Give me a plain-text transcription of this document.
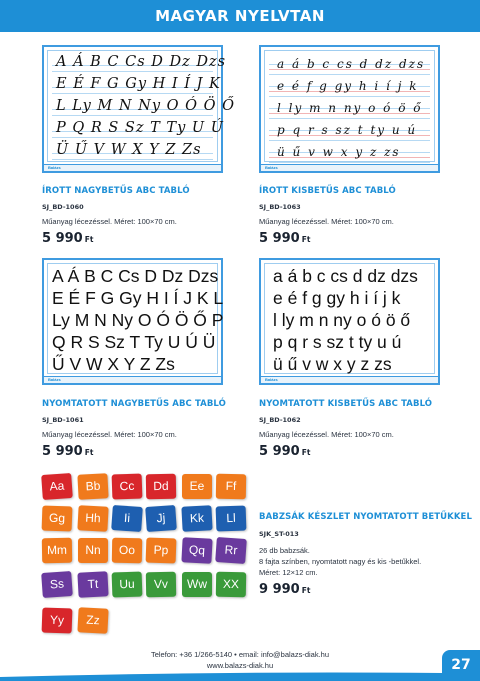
MAGYAR NYELVTAN
A Á B C Cs D Dz Dzs
E É F G Gy H I Í J K
L Ly M N Ny O Ó Ö Ő
P Q R S Sz T Ty U Ú
Ü Ű V W X Y Z Zs
Balázs
ÍROTT NAGYBETŰS ABC TABLÓ
SJ_BD-1060
Műanyag lécezéssel. Méret: 100×70 cm.
5 990 Ft
a á b c cs d dz dzs
e é f g gy h i í j k
l ly m n ny o ó ö ő
p q r s sz t ty u ú
ü ű v w x y z zs
Balázs
ÍROTT KISBETŰS ABC TABLÓ
SJ_BD-1063
Műanyag lécezéssel. Méret: 100×70 cm.
5 990 Ft
A Á B C Cs D Dz Dzs
E É F G Gy H I Í J K L
Ly M N Ny O Ó Ö Ő P
Q R S Sz T Ty U Ú Ü
Ű V W X Y Z Zs
Balázs
NYOMTATOTT NAGYBETŰS ABC TABLÓ
SJ_BD-1061
Műanyag lécezéssel. Méret: 100×70 cm.
5 990 Ft
a á b c cs d dz dzs
e é f g gy h i í j k
l ly m n ny o ó ö ő
p q r s sz t ty u ú
ü ű v w x y z zs
Balázs
NYOMTATOTT KISBETŰS ABC TABLÓ
SJ_BD-1062
Műanyag lécezéssel. Méret: 100×70 cm.
5 990 Ft
Aa	Bb	Cc	Dd	Ee	Ff
Gg	Hh	Ii	Jj	Kk	Ll
Mm	Nn	Oo	Pp	Qq	Rr
Ss	Tt	Uu	Vv	Ww	XX
Yy	Zz
BABZSÁK KÉSZLET NYOMTATOTT BETŰKKEL
SJK_ST-013
26 db babzsák.
8 fajta színben, nyomtatott nagy és kis -betűkkel.
Méret: 12×12 cm.
9 990 Ft
Telefon: +36 1/266-5140 • email: info@balazs-diak.hu
www.balazs-diak.hu	27
